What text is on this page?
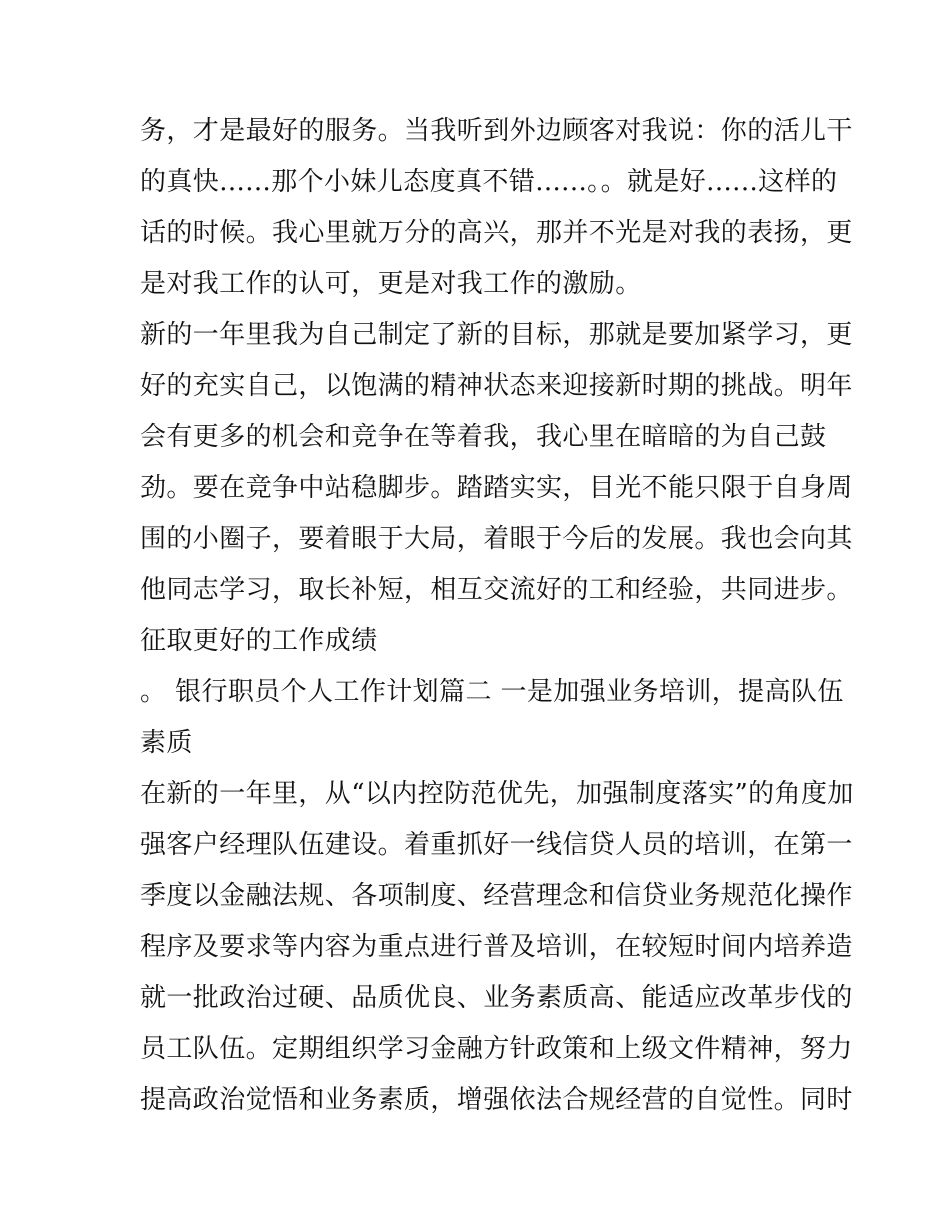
务，才是最好的服务。当我听到外边顾客对我说：你的活儿干
的真快......那个小妹儿态度真不错......。。就是好......这样的
话的时候。我心里就万分的高兴，那并不光是对我的表扬，更
是对我工作的认可，更是对我工作的激励。
新的一年里我为自己制定了新的目标，那就是要加紧学习，更
好的充实自己，以饱满的精神状态来迎接新时期的挑战。明年
会有更多的机会和竞争在等着我，我心里在暗暗的为自己鼓
劲。要在竞争中站稳脚步。踏踏实实，目光不能只限于自身周
围的小圈子，要着眼于大局，着眼于今后的发展。我也会向其
他同志学习，取长补短，相互交流好的工和经验，共同进步。
征取更好的工作成绩
。 银行职员个人工作计划篇二 一是加强业务培训，提高队伍
素质
在新的一年里，从“以内控防范优先，加强制度落实”的角度加
强客户经理队伍建设。着重抓好一线信贷人员的培训，在第一
季度以金融法规、各项制度、经营理念和信贷业务规范化操作
程序及要求等内容为重点进行普及培训，在较短时间内培养造
就一批政治过硬、品质优良、业务素质高、能适应改革步伐的
员工队伍。定期组织学习金融方针政策和上级文件精神，努力
提高政治觉悟和业务素质，增强依法合规经营的自觉性。同时
